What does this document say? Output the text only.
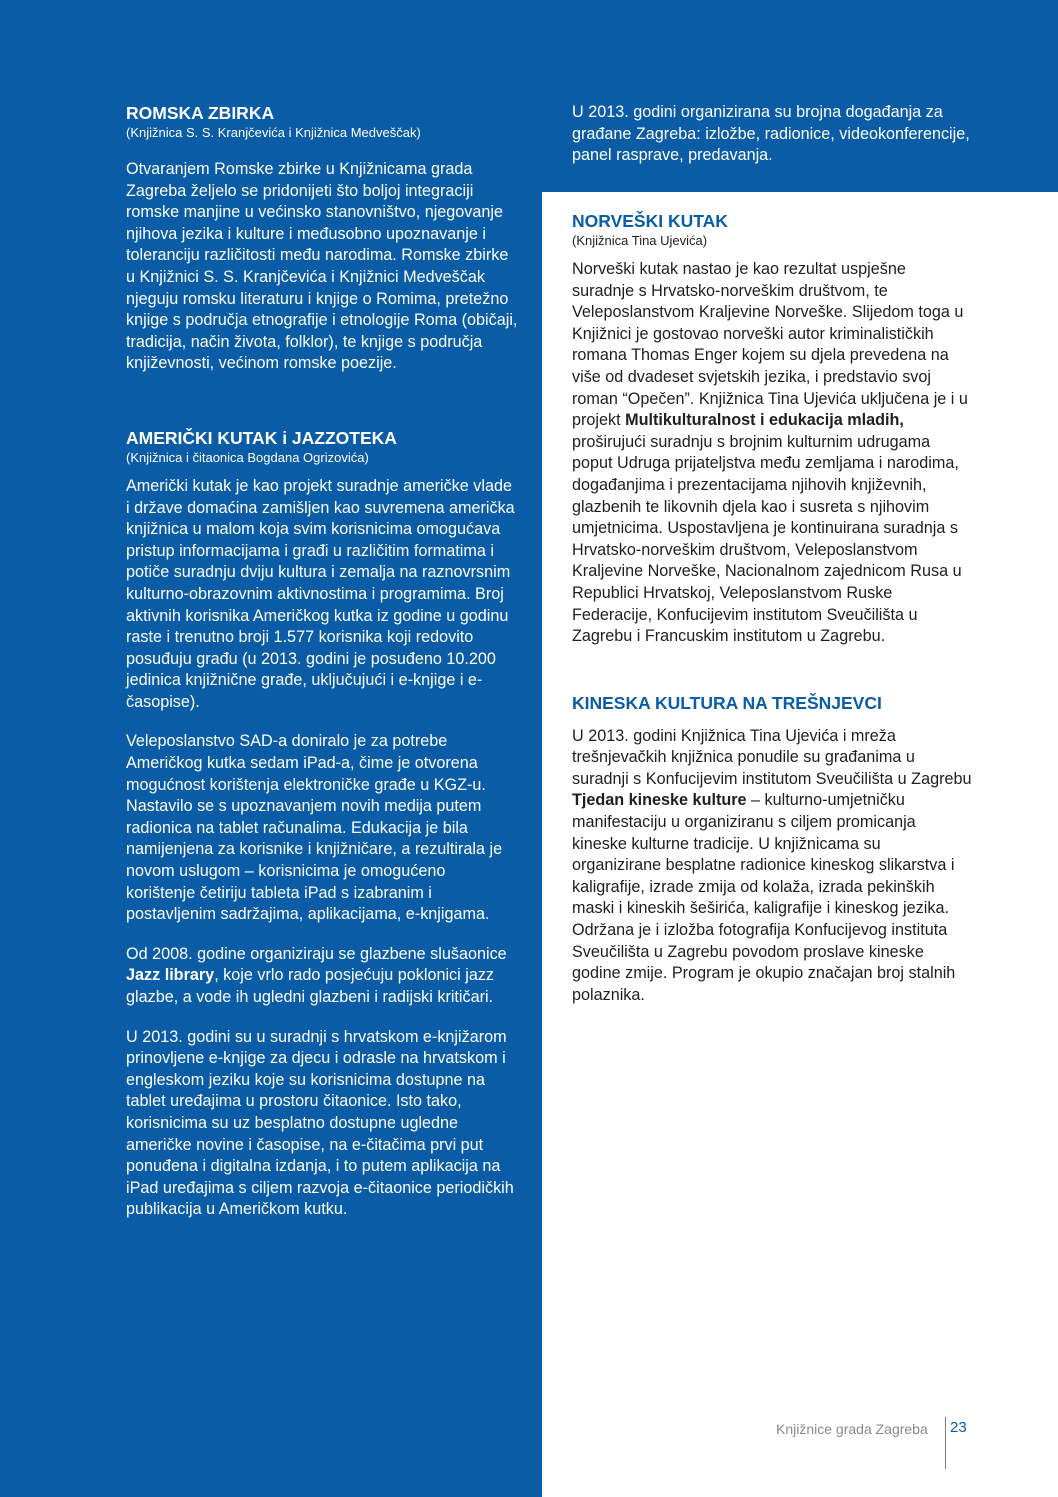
ROMSKA ZBIRKA
(Knjižnica S. S. Kranjčevića i Knjižnica Medveščak)

Otvaranjem Romske zbirke u Knjižnicama grada Zagreba željelo se pridonijeti što boljoj integraciji romske manjine u većinsko stanovništvo, njegovanje njihova jezika i kulture i međusobno upoznavanje i toleranciju različitosti među narodima. Romske zbirke u Knjižnici S. S. Kranjčevića i Knjižnici Medveščak njeguju romsku literaturu i knjige o Romima, pretežno knjige s područja etnografije i etnologije Roma (običaji, tradicija, način života, folklor), te knjige s područja književnosti, većinom romske poezije.

AMERIČKI KUTAK i JAZZOTEKA
(Knjižnica i čitaonica Bogdana Ogrizovića)

Američki kutak je kao projekt suradnje američke vlade i države domaćina zamišljen kao suvremena američka knjižnica u malom koja svim korisnicima omogućava pristup informacijama i građi u različitim formatima i potiče suradnju dviju kultura i zemalja na raznovrsnim kulturno-obrazovnim aktivnostima i programima. Broj aktivnih korisnika Američkog kutka iz godine u godinu raste i trenutno broji 1.577 korisnika koji redovito posuđuju građu (u 2013. godini je posuđeno 10.200 jedinica knjižnične građe, uključujući i e-knjige i e-časopise).

Veleposlanstvo SAD-a doniralo je za potrebe Američkog kutka sedam iPad-a, čime je otvorena mogućnost korištenja elektroničke građe u KGZ-u. Nastavilo se s upoznavanjem novih medija putem radionica na tablet računalima. Edukacija je bila namijenjena za korisnike i knjižničare, a rezultirala je novom uslugom – korisnicima je omogućeno korištenje četiriju tableta iPad s izabranim i postavljenim sadržajima, aplikacijama, e-knjigama.

Od 2008. godine organiziraju se glazbene slušaonice Jazz library, koje vrlo rado posjećuju poklonici jazz glazbe, a vode ih ugledni glazbeni i radijski kritičari.

U 2013. godini su u suradnji s hrvatskom e-knjižarom prinovljene e-knjige za djecu i odrasle na hrvatskom i engleskom jeziku koje su korisnicima dostupne na tablet uređajima u prostoru čitaonice. Isto tako, korisnicima su uz besplatno dostupne ugledne američke novine i časopise, na e-čitačima prvi put ponuđena i digitalna izdanja, i to putem aplikacija na iPad uređajima s ciljem razvoja e-čitaonice periodičkih publikacija u Američkom kutku.

U 2013. godini organizirana su brojna događanja za građane Zagreba: izložbe, radionice, videokonferencije, panel rasprave, predavanja.

NORVEŠKI KUTAK
(Knjižnica Tina Ujevića)

Norveški kutak nastao je kao rezultat uspješne suradnje s Hrvatsko-norveškim društvom, te Veleposlanstvom Kraljevine Norveške. Slijedom toga u Knjižnici je gostovao norveški autor kriminalističkih romana Thomas Enger kojem su djela prevedena na više od dvadeset svjetskih jezika, i predstavio svoj roman “Opečen”. Knjižnica Tina Ujevića uključena je i u projekt Multikulturalnost i edukacija mladih, proširujući suradnju s brojnim kulturnim udrugama poput Udruga prijateljstva među zemljama i narodima, događanjima i prezentacijama njihovih književnih, glazbenih te likovnih djela kao i susreta s njihovim umjetnicima. Uspostavljena je kontinuirana suradnja s Hrvatsko-norveškim društvom, Veleposlanstvom Kraljevine Norveške, Nacionalnom zajednicom Rusa u Republici Hrvatskoj, Veleposlanstvom Ruske Federacije, Konfucijevim institutom Sveučilišta u Zagrebu i Francuskim institutom u Zagrebu.

KINESKA KULTURA NA TREŠNJEVCI

U 2013. godini Knjižnica Tina Ujevića i mreža trešnjevačkih knjižnica ponudile su građanima u suradnji s Konfucijevim institutom Sveučilišta u Zagrebu Tjedan kineske kulture – kulturno-umjetničku manifestaciju u organiziranu s ciljem promicanja kineske kulturne tradicije. U knjižnicama su organizirane besplatne radionice kineskog slikarstva i kaligrafije, izrade zmija od kolaža, izrada pekinških maski i kineskih šeširića, kaligrafije i kineskog jezika. Održana je i izložba fotografija Konfucijevog instituta Sveučilišta u Zagrebu povodom proslave kineske godine zmije. Program je okupio značajan broj stalnih polaznika.

Knjižnice grada Zagreba 23
